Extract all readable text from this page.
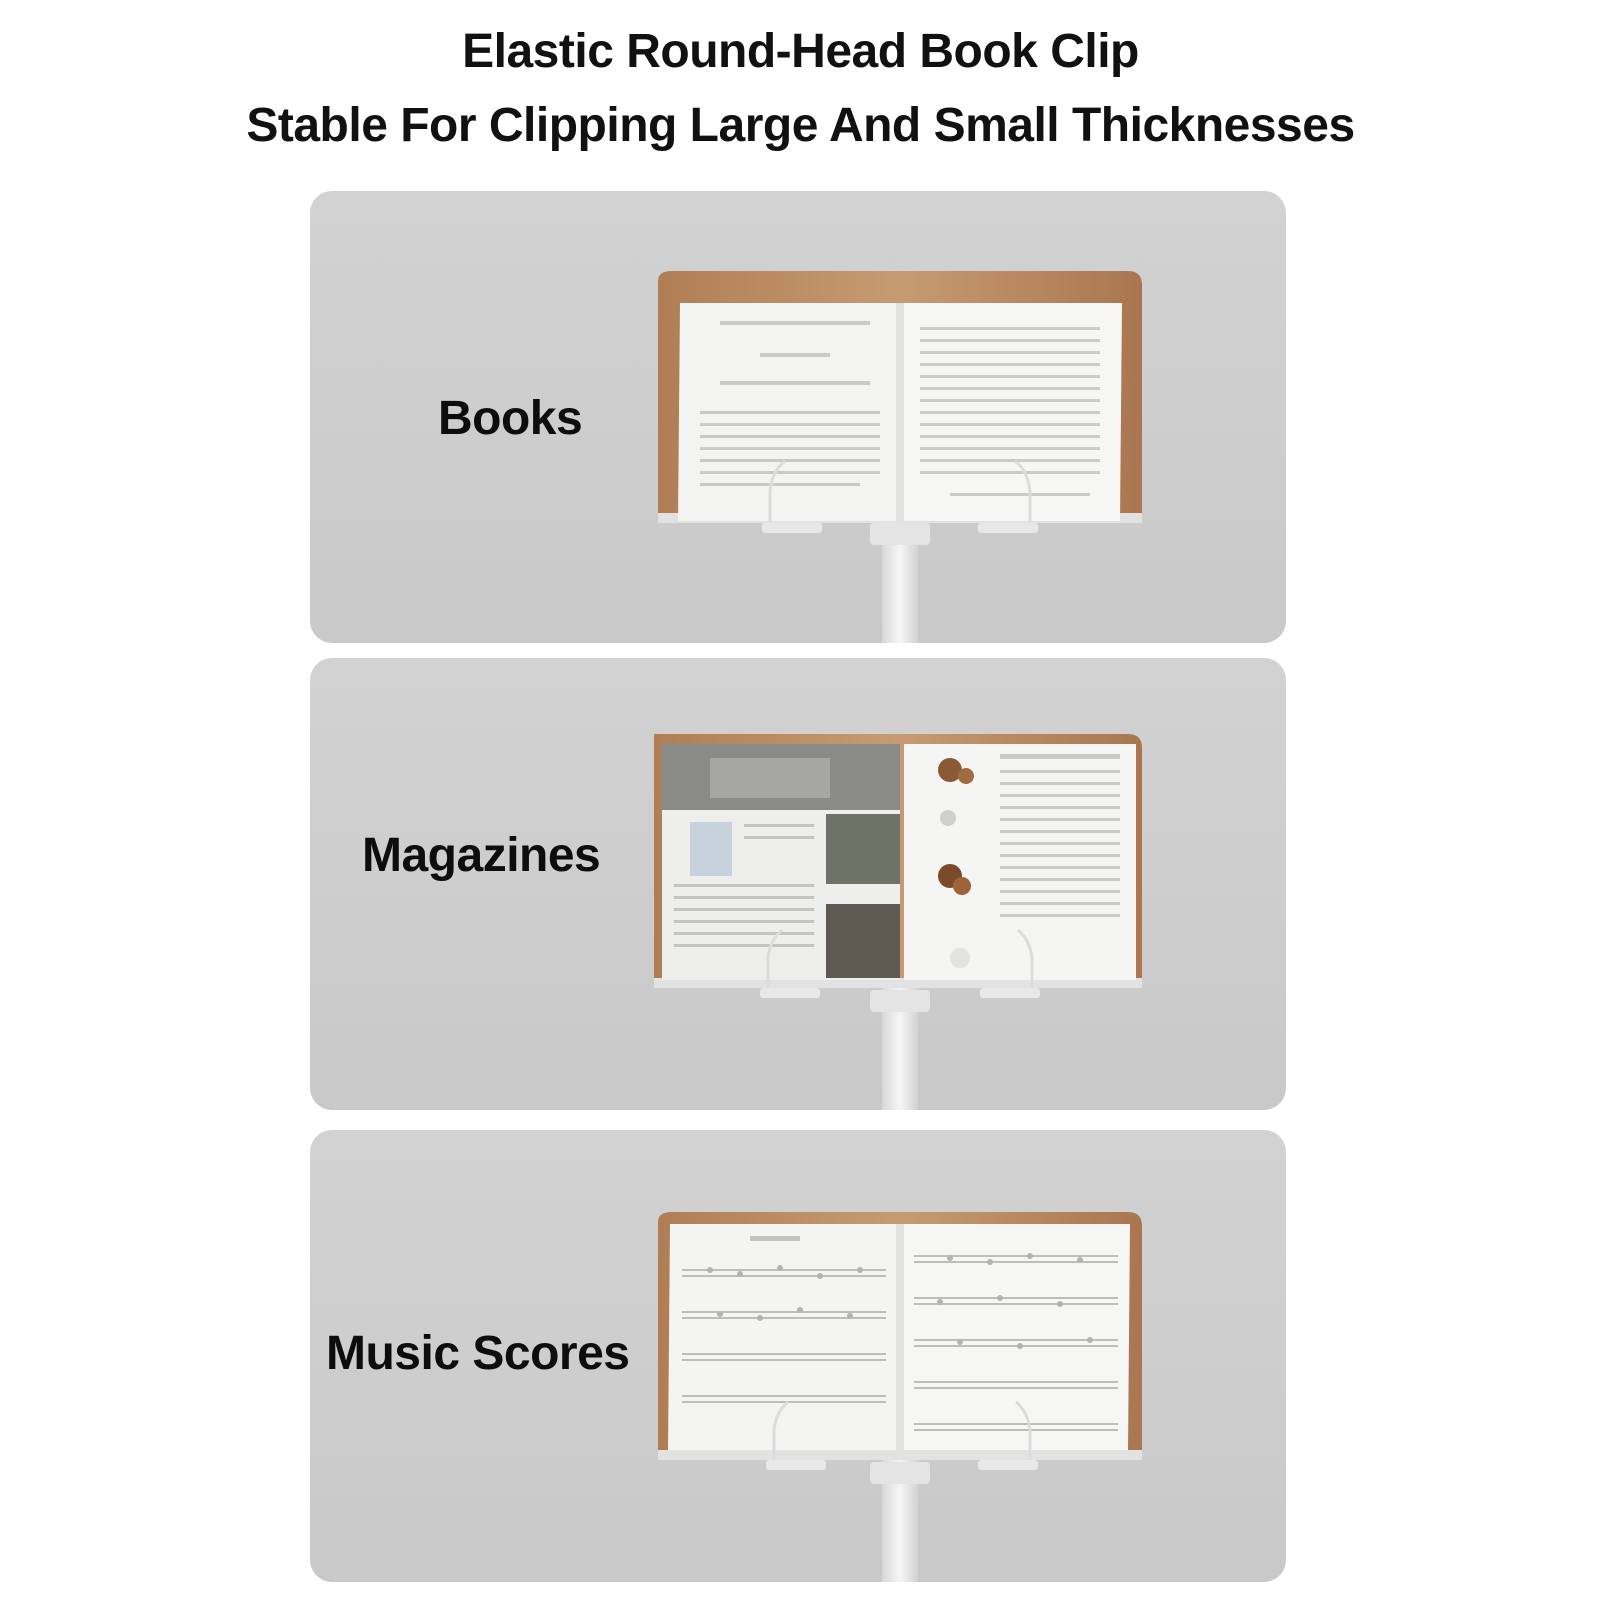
Elastic Round-Head Book Clip
Stable For Clipping Large And Small Thicknesses
Books
Magazines
Music Scores
